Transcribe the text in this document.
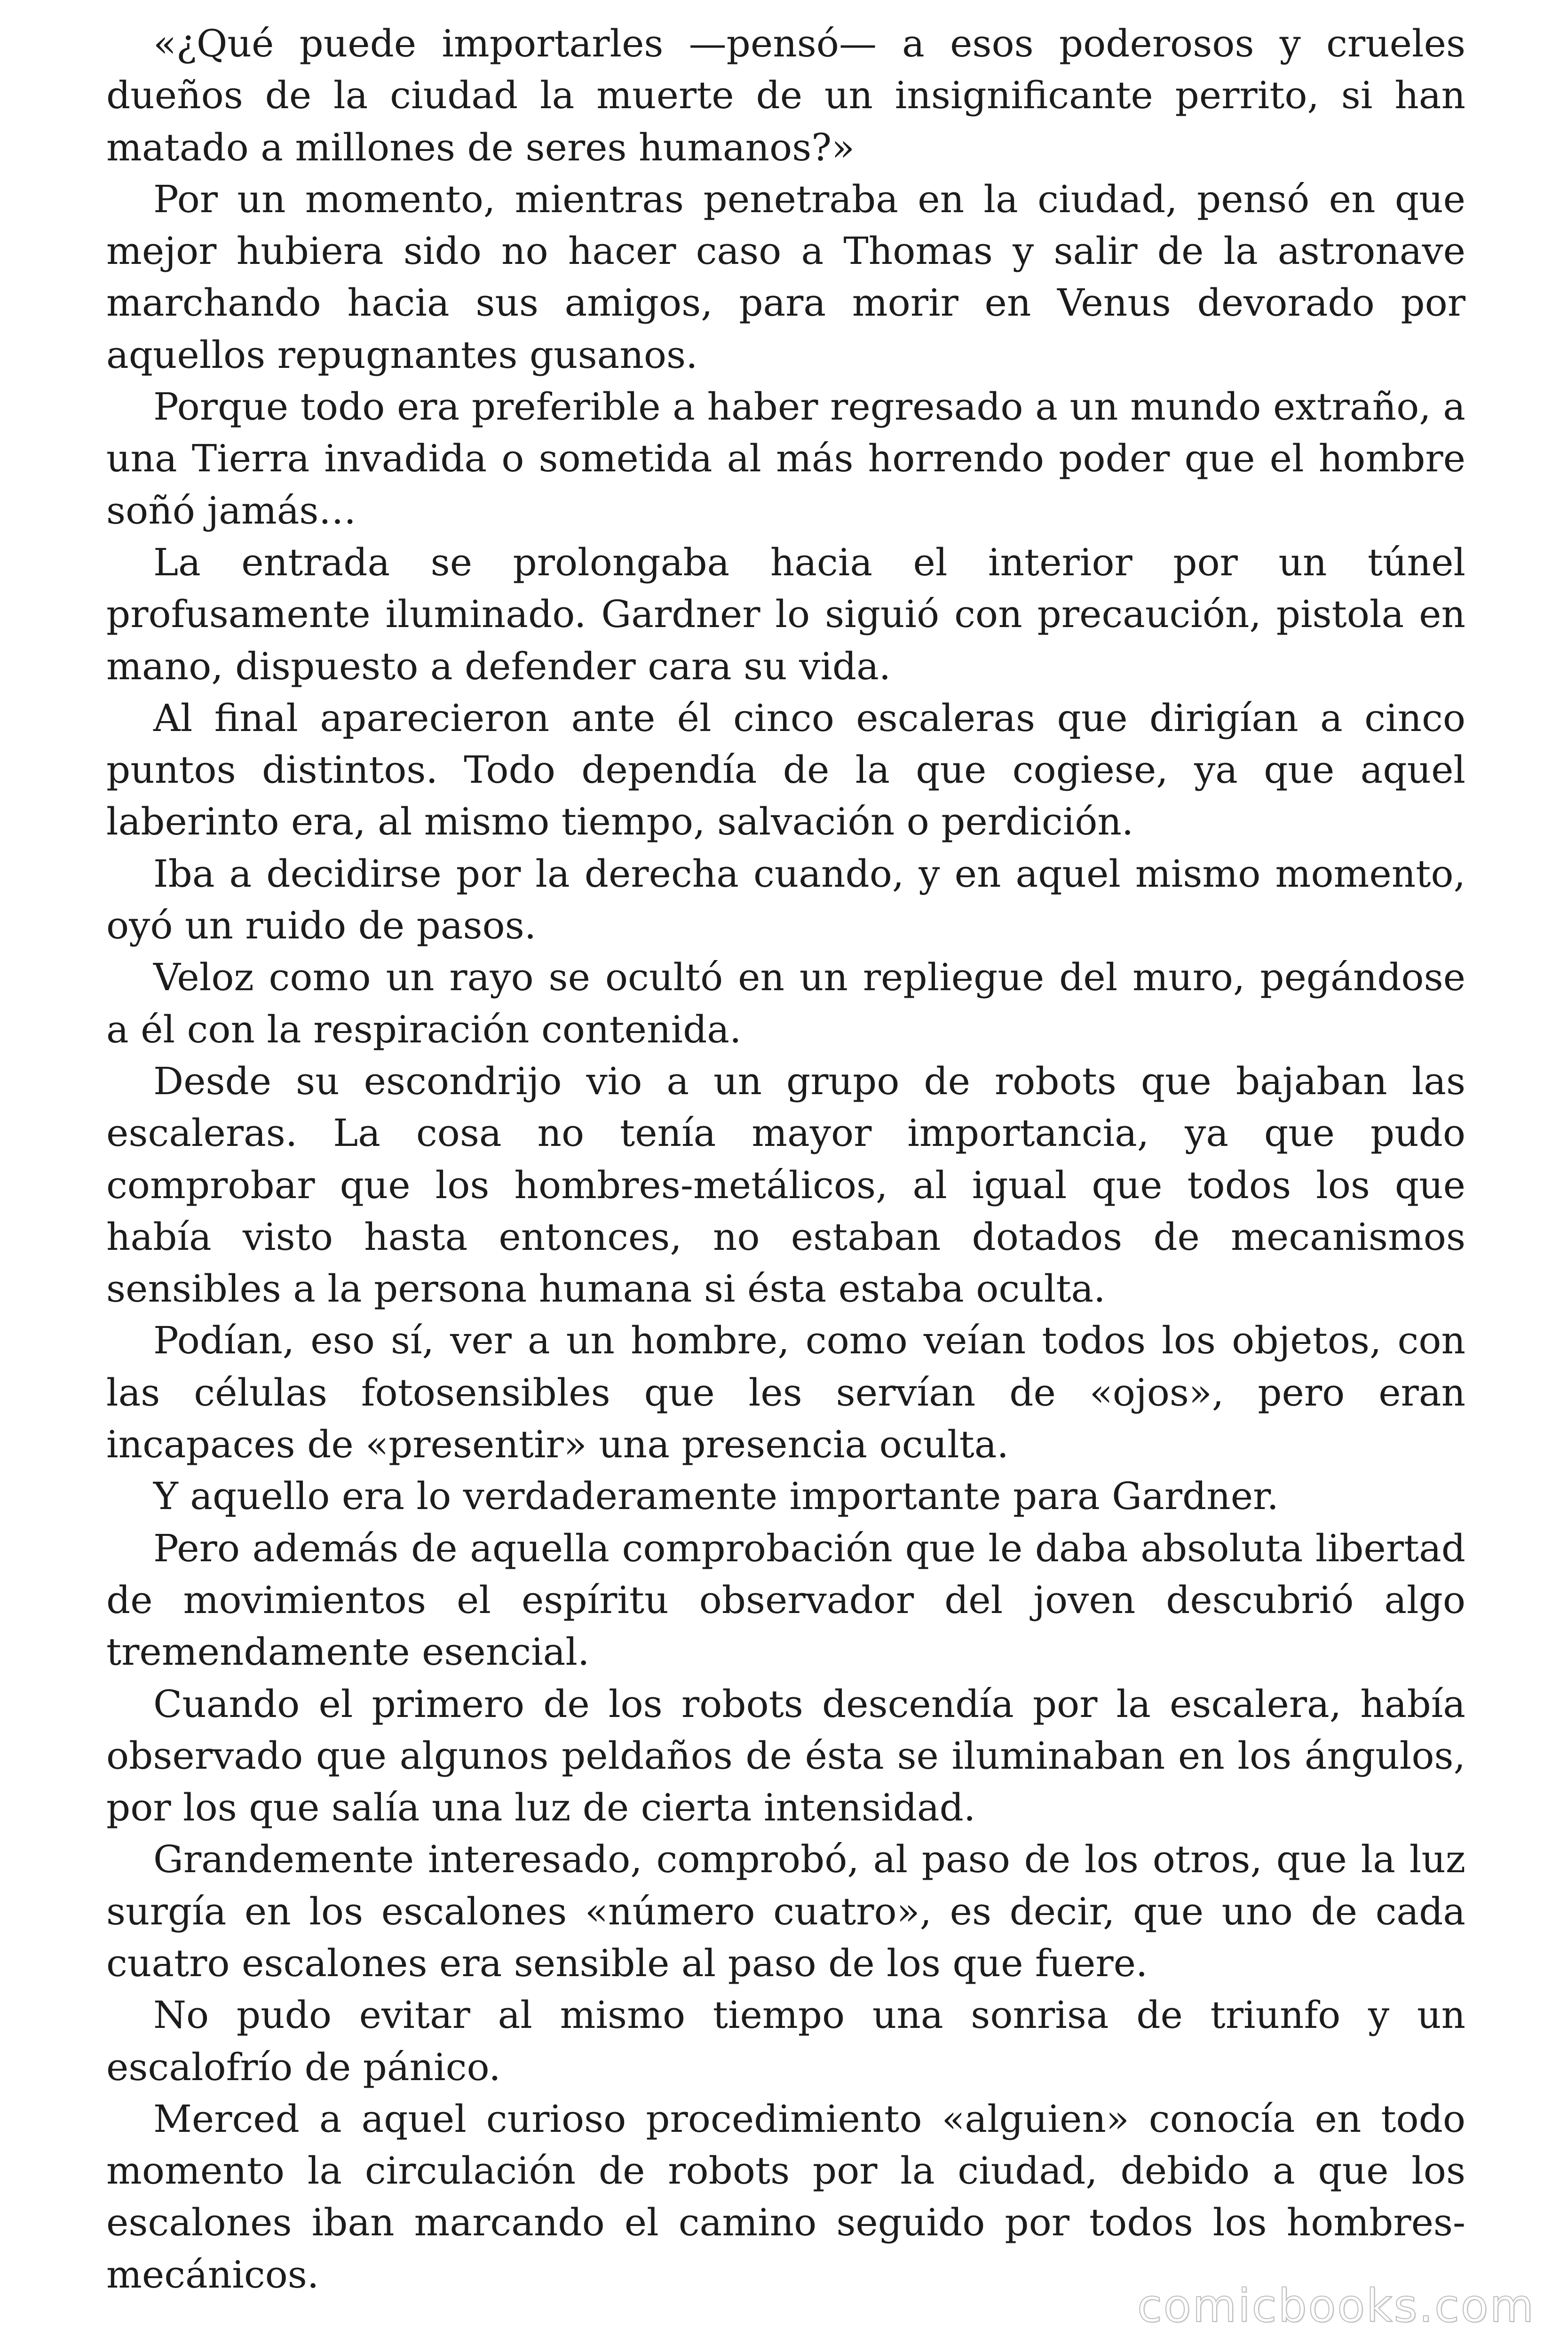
«¿Qué puede importarles —pensó— a esos poderosos y crueles dueños de la ciudad la muerte de un insignificante perrito, si han matado a millones de seres humanos?»

Por un momento, mientras penetraba en la ciudad, pensó en que mejor hubiera sido no hacer caso a Thomas y salir de la astronave marchando hacia sus amigos, para morir en Venus devorado por aquellos repugnantes gusanos.

Porque todo era preferible a haber regresado a un mundo extraño, a una Tierra invadida o sometida al más horrendo poder que el hombre soñó jamás…

La entrada se prolongaba hacia el interior por un túnel profusamente iluminado. Gardner lo siguió con precaución, pistola en mano, dispuesto a defender cara su vida.

Al final aparecieron ante él cinco escaleras que dirigían a cinco puntos distintos. Todo dependía de la que cogiese, ya que aquel laberinto era, al mismo tiempo, salvación o perdición.

Iba a decidirse por la derecha cuando, y en aquel mismo momento, oyó un ruido de pasos.

Veloz como un rayo se ocultó en un repliegue del muro, pegándose a él con la respiración contenida.

Desde su escondrijo vio a un grupo de robots que bajaban las escaleras. La cosa no tenía mayor importancia, ya que pudo comprobar que los hombres-metálicos, al igual que todos los que había visto hasta entonces, no estaban dotados de mecanismos sensibles a la persona humana si ésta estaba oculta.

Podían, eso sí, ver a un hombre, como veían todos los objetos, con las células fotosensibles que les servían de «ojos», pero eran incapaces de «presentir» una presencia oculta.

Y aquello era lo verdaderamente importante para Gardner.

Pero además de aquella comprobación que le daba absoluta libertad de movimientos el espíritu observador del joven descubrió algo tremendamente esencial.

Cuando el primero de los robots descendía por la escalera, había observado que algunos peldaños de ésta se iluminaban en los ángulos, por los que salía una luz de cierta intensidad.

Grandemente interesado, comprobó, al paso de los otros, que la luz surgía en los escalones «número cuatro», es decir, que uno de cada cuatro escalones era sensible al paso de los que fuere.

No pudo evitar al mismo tiempo una sonrisa de triunfo y un escalofrío de pánico.

Merced a aquel curioso procedimiento «alguien» conocía en todo momento la circulación de robots por la ciudad, debido a que los escalones iban marcando el camino seguido por todos los hombres-mecánicos.

comicbooks.com
